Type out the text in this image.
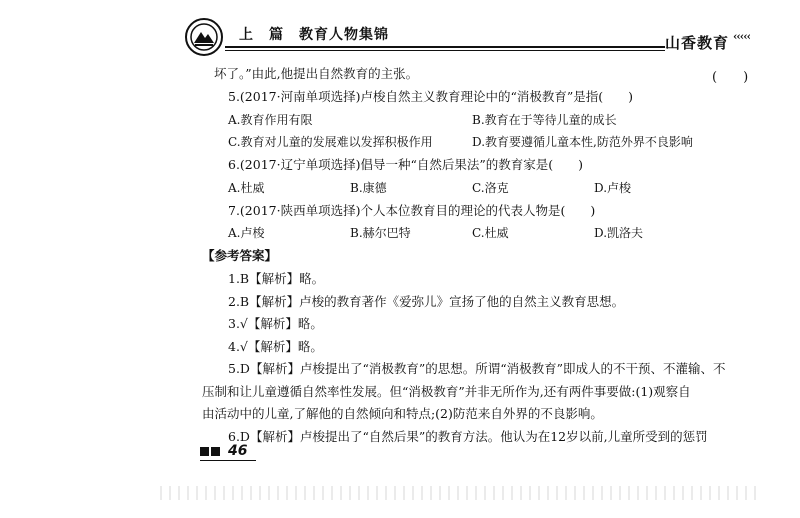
上　篇　教育人物集锦	山香教育 ‹‹‹‹‹
坏了。”由此,他提出自然教育的主张。	(　　)
5.(2017·河南单项选择)卢梭自然主义教育理论中的“消极教育”是指(　　)
A.教育作用有限	B.教育在于等待儿童的成长
C.教育对儿童的发展难以发挥积极作用	D.教育要遵循儿童本性,防范外界不良影响
6.(2017·辽宁单项选择)倡导一种“自然后果法”的教育家是(　　)
A.杜威	B.康德	C.洛克	D.卢梭
7.(2017·陕西单项选择)个人本位教育目的理论的代表人物是(　　)
A.卢梭	B.赫尔巴特	C.杜威	D.凯洛夫
【参考答案】
1.B【解析】略。
2.B【解析】卢梭的教育著作《爱弥儿》宣扬了他的自然主义教育思想。
3.√【解析】略。
4.√【解析】略。
5.D【解析】卢梭提出了“消极教育”的思想。所谓“消极教育”即成人的不干预、不灌输、不
压制和让儿童遵循自然率性发展。但“消极教育”并非无所作为,还有两件事要做:(1)观察自
由活动中的儿童,了解他的自然倾向和特点;(2)防范来自外界的不良影响。
6.D【解析】卢梭提出了“自然后果”的教育方法。他认为在12岁以前,儿童所受到的惩罚
46
